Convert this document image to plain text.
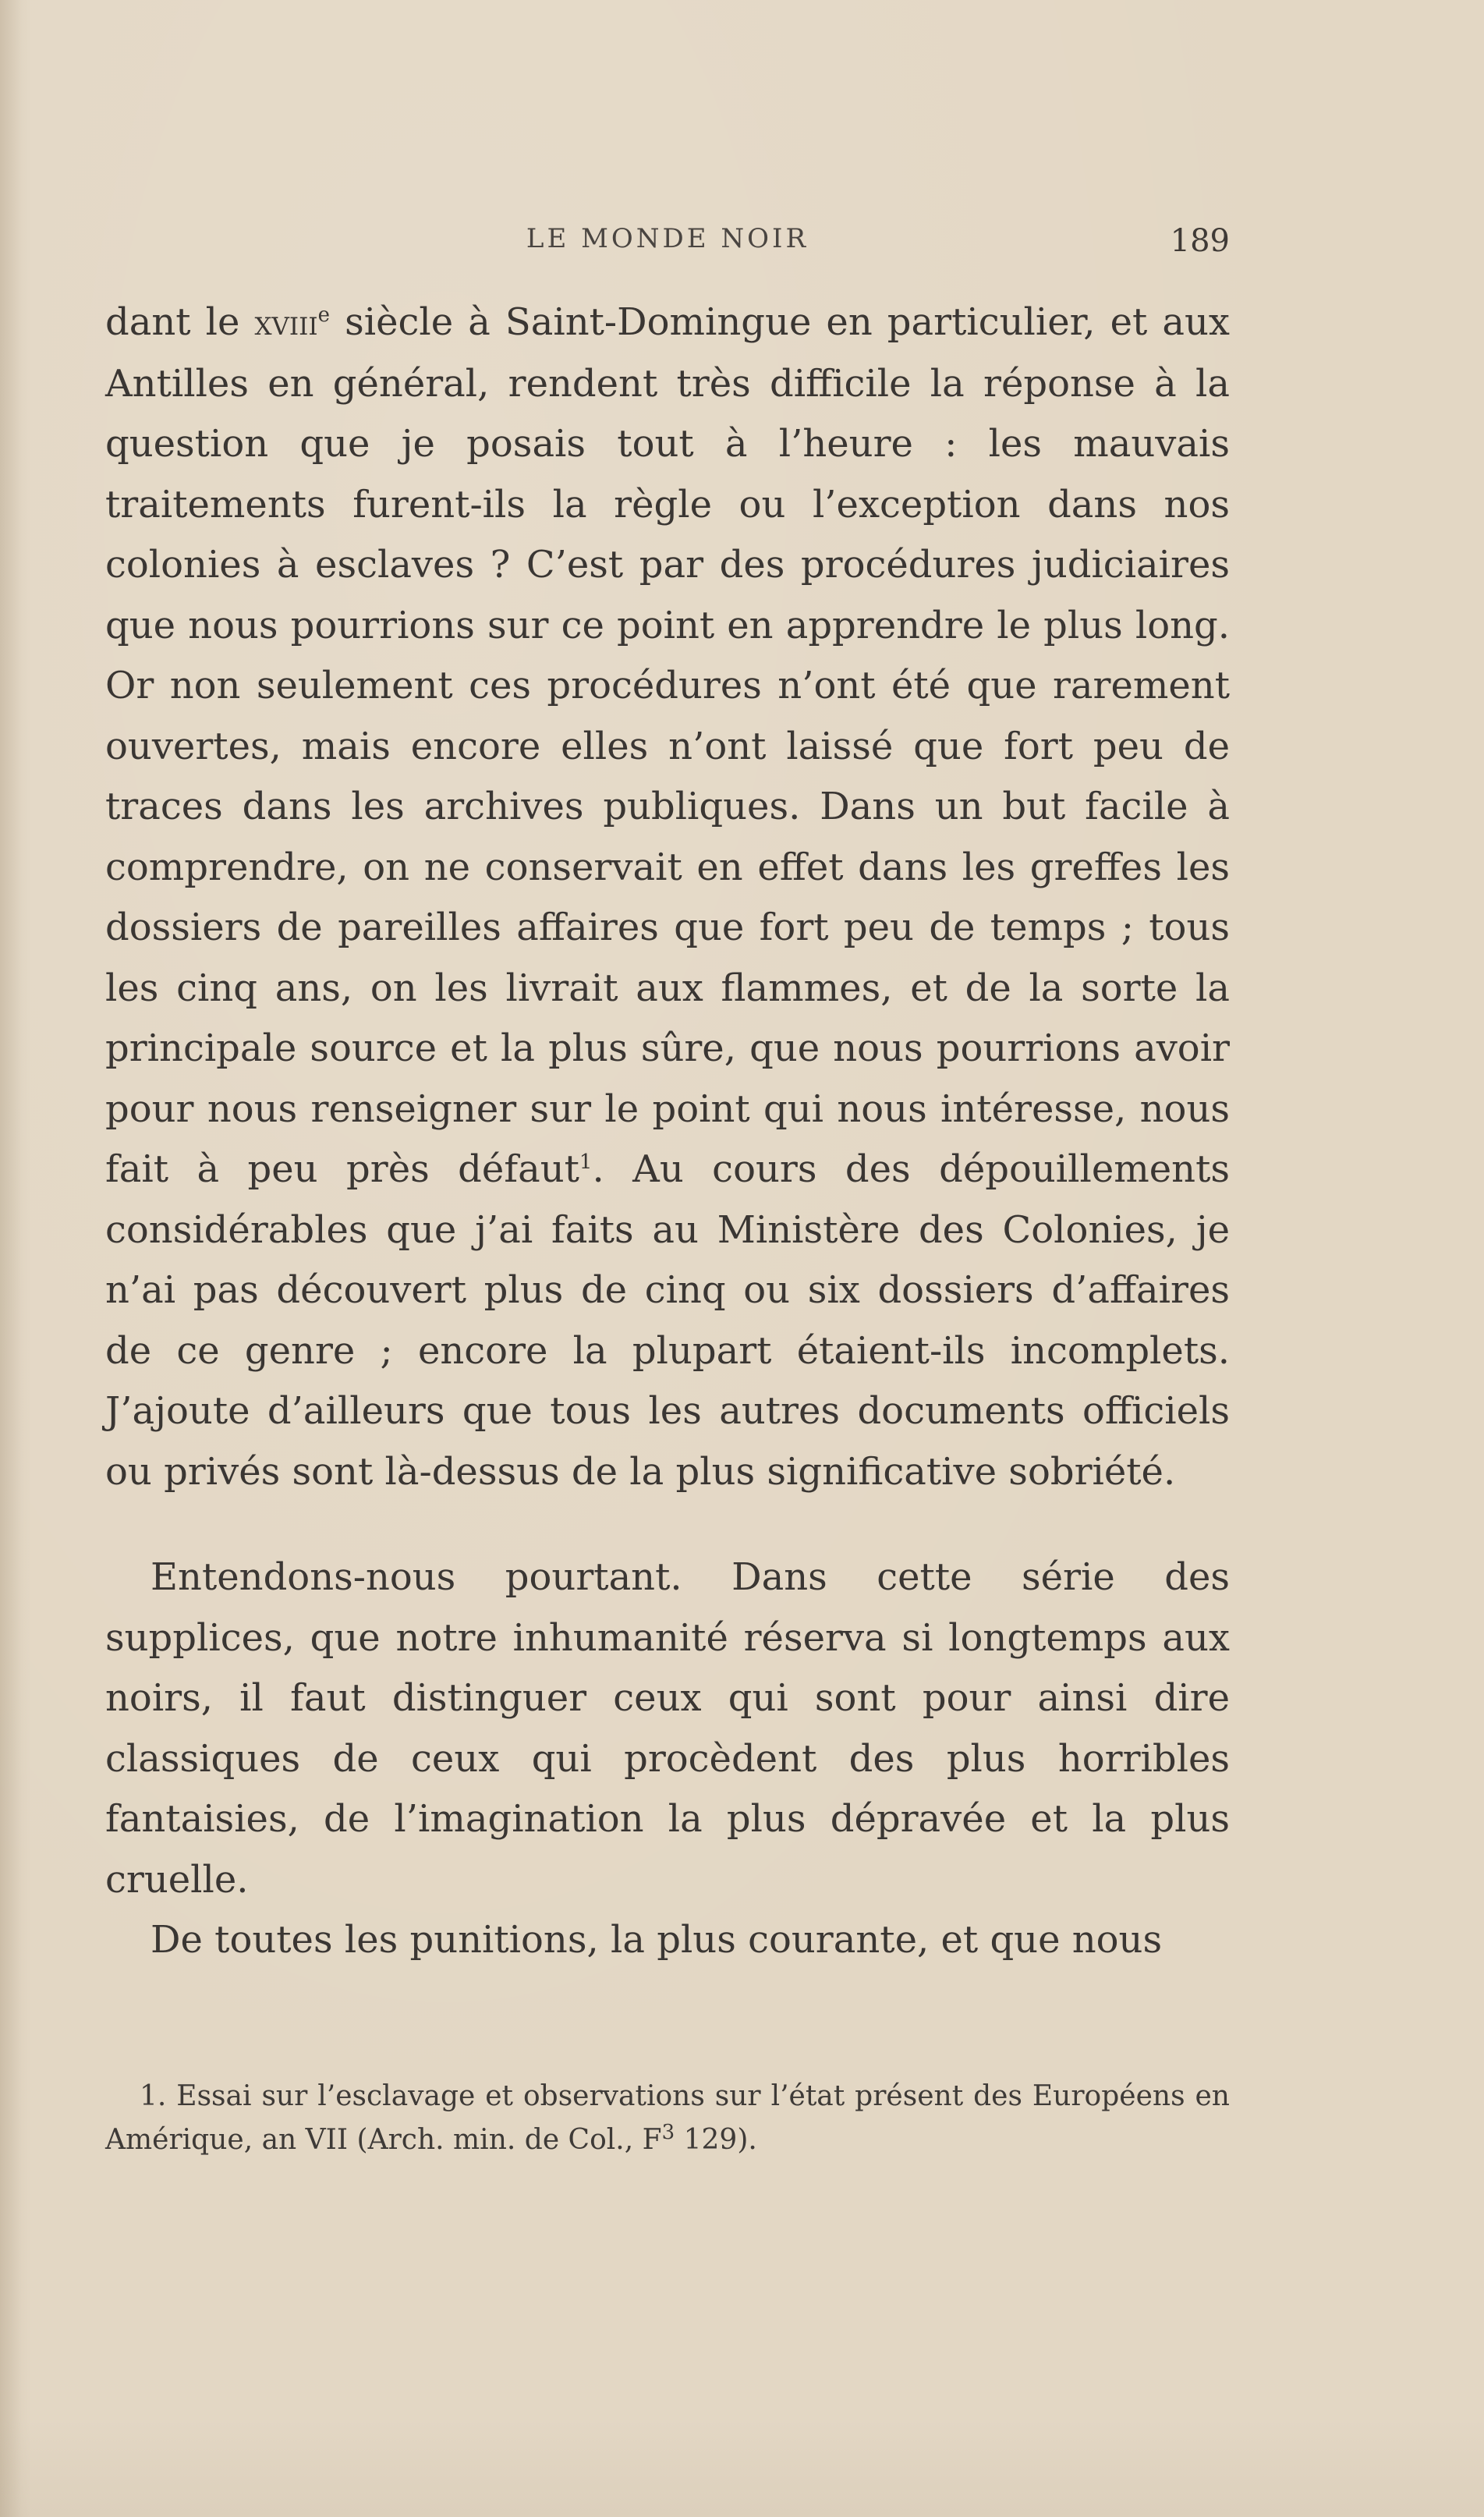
LE MONDE NOIR	189

dant le xviii$^e$ siècle à Saint-Domingue en particulier, et aux Antilles en général, rendent très difficile la réponse à la question que je posais tout à l’heure : les mauvais traitements furent-ils la règle ou l’exception dans nos colonies à esclaves ? C’est par des procédures judiciaires que nous pourrions sur ce point en apprendre le plus long. Or non seulement ces procédures n’ont été que rarement ouvertes, mais encore elles n’ont laissé que fort peu de traces dans les archives publiques. Dans un but facile à comprendre, on ne conservait en effet dans les greffes les dossiers de pareilles affaires que fort peu de temps ; tous les cinq ans, on les livrait aux flammes, et de la sorte la principale source et la plus sûre, que nous pourrions avoir pour nous renseigner sur le point qui nous intéresse, nous fait à peu près défaut$^1$. Au cours des dépouillements considérables que j’ai faits au Ministère des Colonies, je n’ai pas découvert plus de cinq ou six dossiers d’affaires de ce genre ; encore la plupart étaient-ils incomplets. J’ajoute d’ailleurs que tous les autres documents officiels ou privés sont là-dessus de la plus significative sobriété.

Entendons-nous pourtant. Dans cette série des supplices, que notre inhumanité réserva si longtemps aux noirs, il faut distinguer ceux qui sont pour ainsi dire classiques de ceux qui procèdent des plus horribles fantaisies, de l’imagination la plus dépravée et la plus cruelle.

De toutes les punitions, la plus courante, et que nous

1. Essai sur l’esclavage et observations sur l’état présent des Européens en Amérique, an VII (Arch. min. de Col., $F^3$ 129).
